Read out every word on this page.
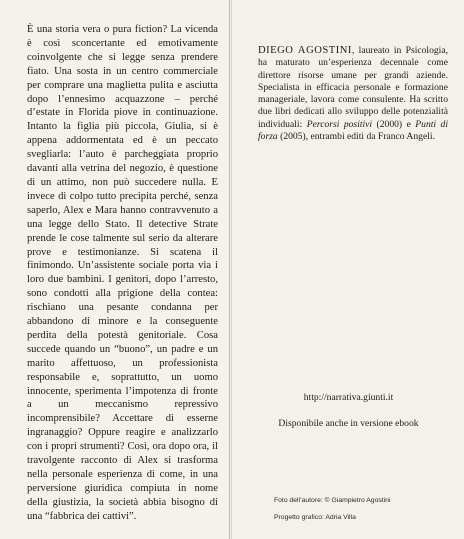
È una storia vera o pura fiction? La vicenda è così sconcertante ed emotivamente coinvolgente che si legge senza prendere fiato. Una sosta in un centro commerciale per comprare una maglietta pulita e asciutta dopo l’ennesimo acquazzone – perché d’estate in Florida piove in continuazione. Intanto la figlia più piccola, Giulia, si è appena addormentata ed è un peccato svegliarla: l’auto è parcheggiata proprio davanti alla vetrina del negozio, è questione di un attimo, non può succedere nulla. E invece di colpo tutto precipita perché, senza saperlo, Alex e Mara hanno contravvenuto a una legge dello Stato. Il detective Strate prende le cose talmente sul serio da alterare prove e testimonianze. Si scatena il finimondo. Un’assistente sociale porta via i loro due bambini. I genitori, dopo l’arresto, sono condotti alla prigione della contea: rischiano una pesante condanna per abbandono di minore e la conseguente perdita della potestà genitoriale. Cosa succede quando un “buono”, un padre e un marito affettuoso, un professionista responsabile e, soprattutto, un uomo innocente, sperimenta l’impotenza di fronte a un meccanismo repressivo incomprensibile? Accettare di esserne ingranaggio? Oppure reagire e analizzarlo con i propri strumenti? Così, ora dopo ora, il travolgente racconto di Alex si trasforma nella personale esperienza di come, in una perversione giuridica compiuta in nome della giustizia, la società abbia bisogno di una “fabbrica dei cattivi”.

DIEGO AGOSTINI, laureato in Psicologia, ha maturato un’esperienza decennale come direttore risorse umane per grandi aziende. Specialista in efficacia personale e formazione manageriale, lavora come consulente. Ha scritto due libri dedicati allo sviluppo delle potenzialità individuali: Percorsi positivi (2000) e Punti di forza (2005), entrambi editi da Franco Angeli.

http://narrativa.giunti.it
Disponibile anche in versione ebook
Foto dell’autore: © Giampietro Agostini
Progetto grafico: Adria Villa
